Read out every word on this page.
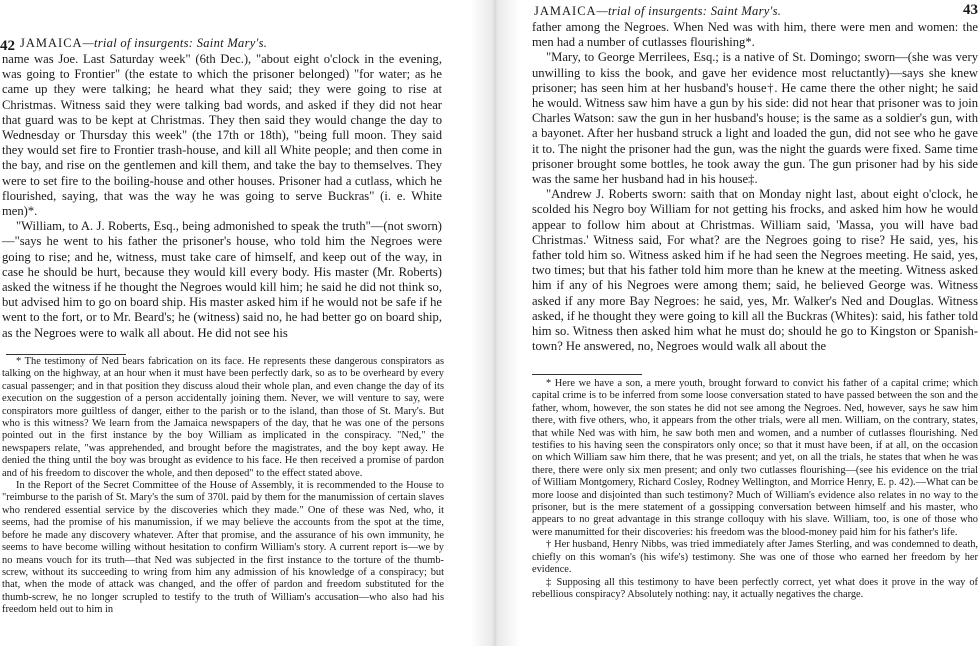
42 JAMAICA—trial of insurgents: Saint Mary's.

name was Joe. Last Saturday week" (6th Dec.), "about eight o'clock in the evening, was going to Frontier" (the estate to which the prisoner belonged) "for water; as he came up they were talking; he heard what they said; they were going to rise at Christmas. Witness said they were talking bad words, and asked if they did not hear that guard was to be kept at Christmas. They then said they would change the day to Wednesday or Thursday this week" (the 17th or 18th), "being full moon. They said they would set fire to Frontier trash-house, and kill all White people; and then come in the bay, and rise on the gentlemen and kill them, and take the bay to themselves. They were to set fire to the boiling-house and other houses. Prisoner had a cutlass, which he flourished, saying, that was the way he was going to serve Buckras" (i. e. White men)*.

"William, to A. J. Roberts, Esq., being admonished to speak the truth"—(not sworn)—"says he went to his father the prisoner's house, who told him the Negroes were going to rise; and he, witness, must take care of himself, and keep out of the way, in case he should be hurt, because they would kill every body. His master (Mr. Roberts) asked the witness if he thought the Negroes would kill him; he said he did not think so, but advised him to go on board ship. His master asked him if he would not be safe if he went to the fort, or to Mr. Beard's; he (witness) said no, he had better go on board ship, as the Negroes were to walk all about. He did not see his

* The testimony of Ned bears fabrication on its face. He represents these dangerous conspirators as talking on the highway, at an hour when it must have been perfectly dark, so as to be overheard by every casual passenger; and in that position they discuss aloud their whole plan, and even change the day of its execution on the suggestion of a person accidentally joining them. Never, we will venture to say, were conspirators more guiltless of danger, either to the parish or to the island, than those of St. Mary's. But who is this witness? We learn from the Jamaica newspapers of the day, that he was one of the persons pointed out in the first instance by the boy William as implicated in the conspiracy. "Ned," the newspapers relate, "was apprehended, and brought before the magistrates, and the boy kept away. He denied the thing until the boy was brought as evidence to his face. He then received a promise of pardon and of his freedom to discover the whole, and then deposed" to the effect stated above.

In the Report of the Secret Committee of the House of Assembly, it is recommended to the House to "reimburse to the parish of St. Mary's the sum of 370l. paid by them for the manumission of certain slaves who rendered essential service by the discoveries which they made." One of these was Ned, who, it seems, had the promise of his manumission, if we may believe the accounts from the spot at the time, before he made any discovery whatever. After that promise, and the assurance of his own immunity, he seems to have become willing without hesitation to confirm William's story. A current report is—we by no means vouch for its truth—that Ned was subjected in the first instance to the torture of the thumb-screw, without its succeeding to wring from him any admission of his knowledge of a conspiracy; but that, when the mode of attack was changed, and the offer of pardon and freedom substituted for the thumb-screw, he no longer scrupled to testify to the truth of William's accusation—who also had his freedom held out to him in

43
JAMAICA—trial of insurgents: Saint Mary's.

father among the Negroes. When Ned was with him, there were men and women: the men had a number of cutlasses flourishing*.

"Mary, to George Merrilees, Esq.; is a native of St. Domingo; sworn—(she was very unwilling to kiss the book, and gave her evidence most reluctantly)—says she knew prisoner; has seen him at her husband's house†. He came there the other night; he said he would. Witness saw him have a gun by his side: did not hear that prisoner was to join Charles Watson: saw the gun in her husband's house; is the same as a soldier's gun, with a bayonet. After her husband struck a light and loaded the gun, did not see who he gave it to. The night the prisoner had the gun, was the night the guards were fixed. Same time prisoner brought some bottles, he took away the gun. The gun prisoner had by his side was the same her husband had in his house‡.

"Andrew J. Roberts sworn: saith that on Monday night last, about eight o'clock, he scolded his Negro boy William for not getting his frocks, and asked him how he would appear to follow him about at Christmas. William said, 'Massa, you will have bad Christmas.' Witness said, For what? are the Negroes going to rise? He said, yes, his father told him so. Witness asked him if he had seen the Negroes meeting. He said, yes, two times; but that his father told him more than he knew at the meeting. Witness asked him if any of his Negroes were among them; said, he believed George was. Witness asked if any more Bay Negroes: he said, yes, Mr. Walker's Ned and Douglas. Witness asked, if he thought they were going to kill all the Buckras (Whites): said, his father told him so. Witness then asked him what he must do; should he go to Kingston or Spanish-town? He answered, no, Negroes would walk all about the

* Here we have a son, a mere youth, brought forward to convict his father of a capital crime; which capital crime is to be inferred from some loose conversation stated to have passed between the son and the father, whom, however, the son states he did not see among the Negroes. Ned, however, says he saw him there, with five others, who, it appears from the other trials, were all men. William, on the contrary, states, that while Ned was with him, he saw both men and women, and a number of cutlasses flourishing. Ned testifies to his having seen the conspirators only once; so that it must have been, if at all, on the occasion on which William saw him there, that he was present; and yet, on all the trials, he states that when he was there, there were only six men present; and only two cutlasses flourishing—(see his evidence on the trial of William Montgomery, Richard Cosley, Rodney Wellington, and Morrice Henry, E. p. 42).—What can be more loose and disjointed than such testimony? Much of William's evidence also relates in no way to the prisoner, but is the mere statement of a gossipping conversation between himself and his master, who appears to no great advantage in this strange colloquy with his slave. William, too, is one of those who were manumitted for their discoveries: his freedom was the blood-money paid him for his father's life.

† Her husband, Henry Nibbs, was tried immediately after James Sterling, and was condemned to death, chiefly on this woman's (his wife's) testimony. She was one of those who earned her freedom by her evidence.

‡ Supposing all this testimony to have been perfectly correct, yet what does it prove in the way of rebellious conspiracy? Absolutely nothing: nay, it actually negatives the charge.
